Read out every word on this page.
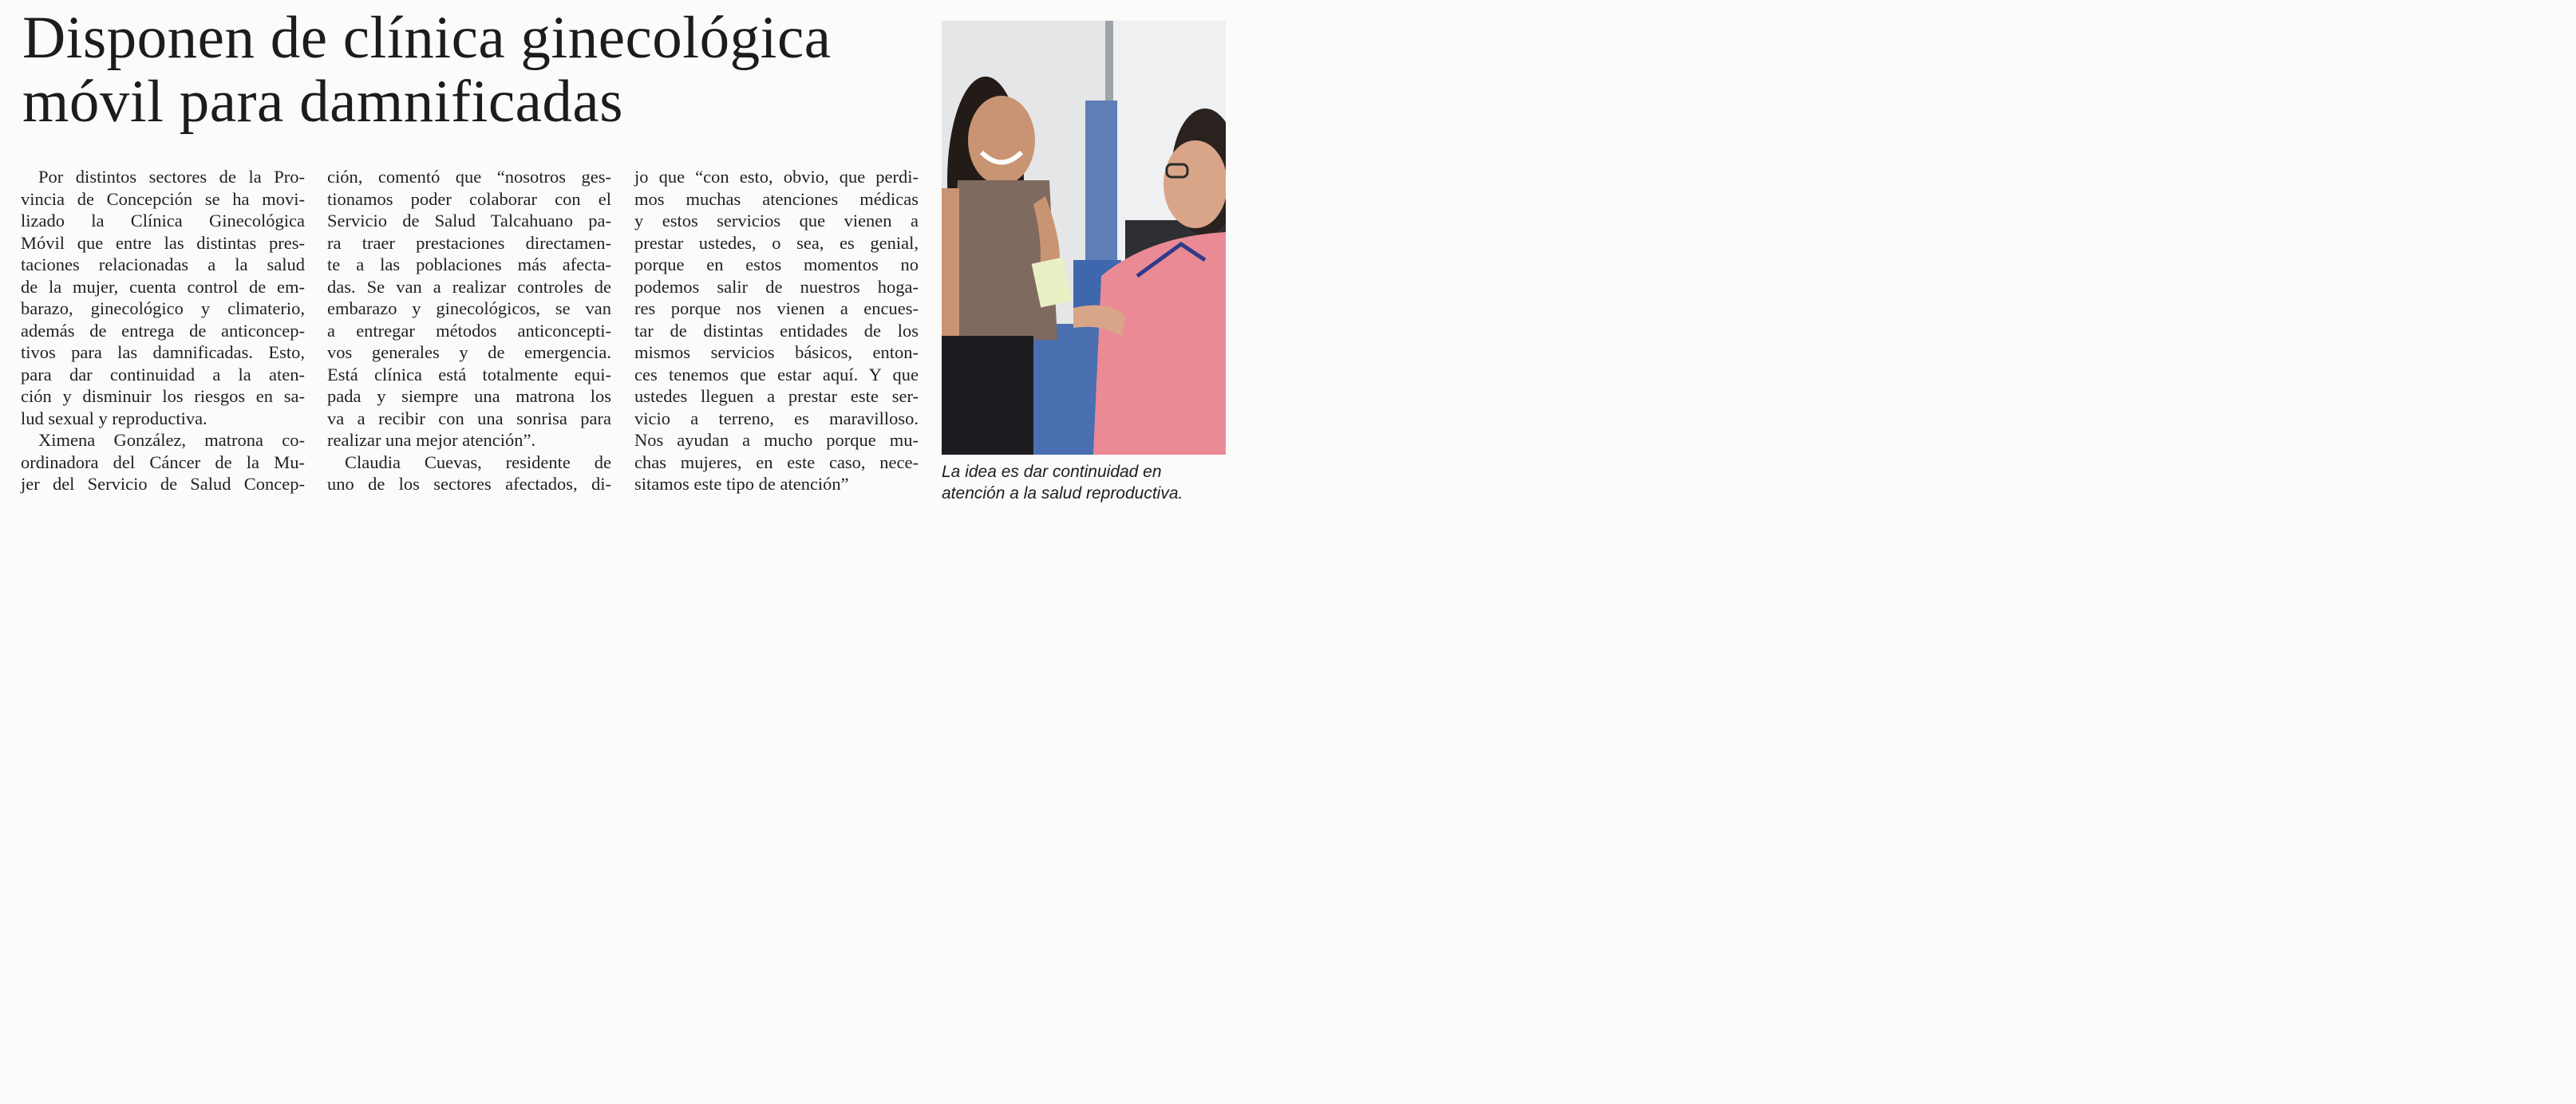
Disponen de clínica ginecológica
móvil para damnificadas
Por distintos sectores de la Pro-
vincia de Concepción se ha movi-
lizado la Clínica Ginecológica
Móvil que entre las distintas pres-
taciones relacionadas a la salud
de la mujer, cuenta control de em-
barazo, ginecológico y climaterio,
además de entrega de anticoncep-
tivos para las damnificadas. Esto,
para dar continuidad a la aten-
ción y disminuir los riesgos en sa-
lud sexual y reproductiva.
Ximena González, matrona co-
ordinadora del Cáncer de la Mu-
jer del Servicio de Salud Concep-
ción, comentó que “nosotros ges-
tionamos poder colaborar con el
Servicio de Salud Talcahuano pa-
ra traer prestaciones directamen-
te a las poblaciones más afecta-
das. Se van a realizar controles de
embarazo y ginecológicos, se van
a entregar métodos anticoncepti-
vos generales y de emergencia.
Está clínica está totalmente equi-
pada y siempre una matrona los
va a recibir con una sonrisa para
realizar una mejor atención”.
Claudia Cuevas, residente de
uno de los sectores afectados, di-
jo que “con esto, obvio, que perdi-
mos muchas atenciones médicas
y estos servicios que vienen a
prestar ustedes, o sea, es genial,
porque en estos momentos no
podemos salir de nuestros hoga-
res porque nos vienen a encues-
tar de distintas entidades de los
mismos servicios básicos, enton-
ces tenemos que estar aquí. Y que
ustedes lleguen a prestar este ser-
vicio a terreno, es maravilloso.
Nos ayudan a mucho porque mu-
chas mujeres, en este caso, nece-
sitamos este tipo de atención”
La idea es dar continuidad en
atención a la salud reproductiva.
